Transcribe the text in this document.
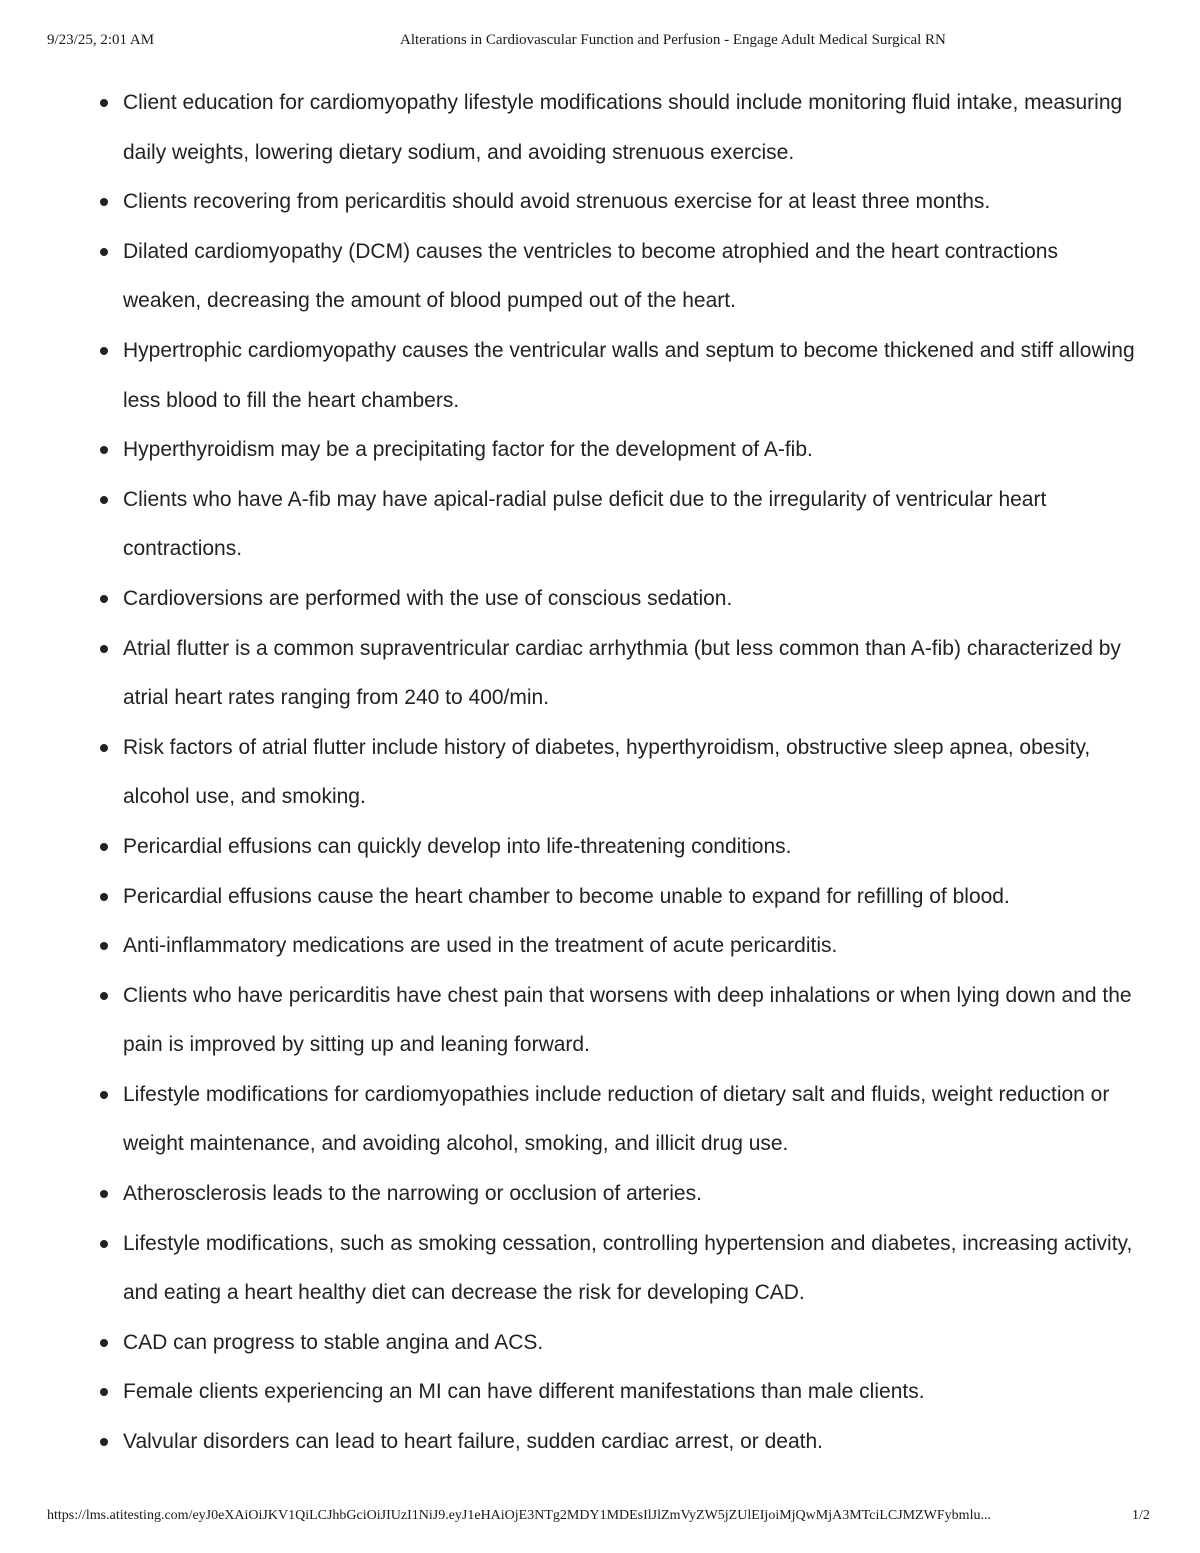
9/23/25, 2:01 AM	Alterations in Cardiovascular Function and Perfusion - Engage Adult Medical Surgical RN
Client education for cardiomyopathy lifestyle modifications should include monitoring fluid intake, measuring daily weights, lowering dietary sodium, and avoiding strenuous exercise.
Clients recovering from pericarditis should avoid strenuous exercise for at least three months.
Dilated cardiomyopathy (DCM) causes the ventricles to become atrophied and the heart contractions weaken, decreasing the amount of blood pumped out of the heart.
Hypertrophic cardiomyopathy causes the ventricular walls and septum to become thickened and stiff allowing less blood to fill the heart chambers.
Hyperthyroidism may be a precipitating factor for the development of A-fib.
Clients who have A-fib may have apical-radial pulse deficit due to the irregularity of ventricular heart contractions.
Cardioversions are performed with the use of conscious sedation.
Atrial flutter is a common supraventricular cardiac arrhythmia (but less common than A-fib) characterized by atrial heart rates ranging from 240 to 400/min.
Risk factors of atrial flutter include history of diabetes, hyperthyroidism, obstructive sleep apnea, obesity, alcohol use, and smoking.
Pericardial effusions can quickly develop into life-threatening conditions.
Pericardial effusions cause the heart chamber to become unable to expand for refilling of blood.
Anti-inflammatory medications are used in the treatment of acute pericarditis.
Clients who have pericarditis have chest pain that worsens with deep inhalations or when lying down and the pain is improved by sitting up and leaning forward.
Lifestyle modifications for cardiomyopathies include reduction of dietary salt and fluids, weight reduction or weight maintenance, and avoiding alcohol, smoking, and illicit drug use.
Atherosclerosis leads to the narrowing or occlusion of arteries.
Lifestyle modifications, such as smoking cessation, controlling hypertension and diabetes, increasing activity, and eating a heart healthy diet can decrease the risk for developing CAD.
CAD can progress to stable angina and ACS.
Female clients experiencing an MI can have different manifestations than male clients.
Valvular disorders can lead to heart failure, sudden cardiac arrest, or death.
https://lms.atitesting.com/eyJ0eXAiOiJKV1QiLCJhbGciOiJIUzI1NiJ9.eyJ1eHAiOjE3NTg2MDY1MDEsIlJlZmVyZW5jZUlEIjoiMjQwMjA3MTciLCJMZWFybmlu...	1/2
